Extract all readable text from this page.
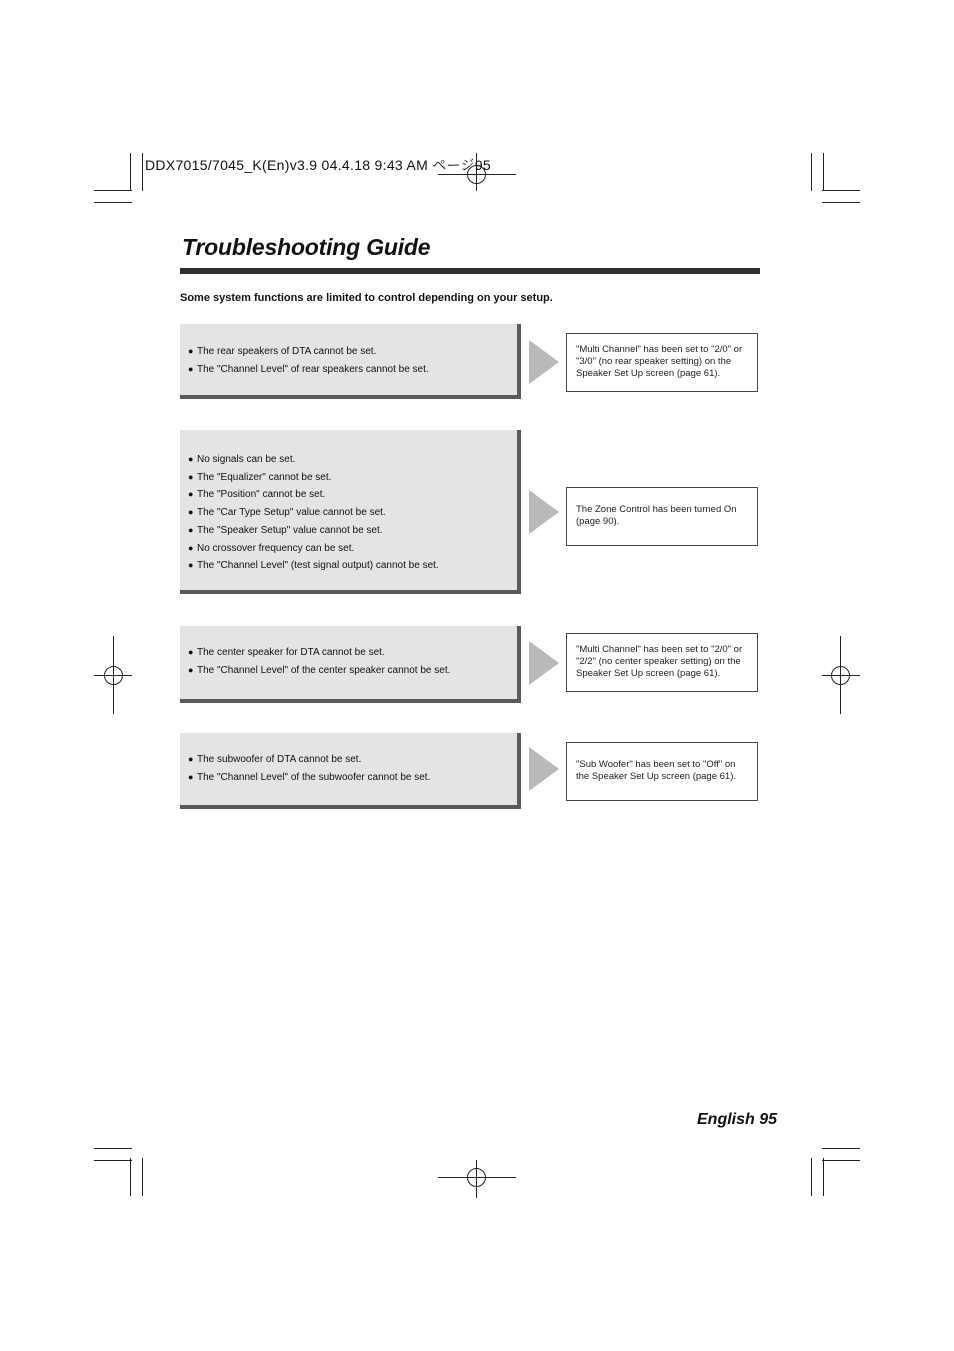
DDX7015/7045_K(En)v3.9 04.4.18 9:43 AM ページ95
Troubleshooting Guide
Some system functions are limited to control depending on your setup.
● The rear speakers of DTA cannot be set.
● The "Channel Level" of rear speakers cannot be set.

"Multi Channel" has been set to "2/0" or "3/0" (no rear speaker setting) on the Speaker Set Up screen (page 61).

● No signals can be set.
● The "Equalizer" cannot be set.
● The "Position" cannot be set.
● The "Car Type Setup" value cannot be set.
● The "Speaker Setup" value cannot be set.
● No crossover frequency can be set.
● The "Channel Level" (test signal output) cannot be set.

The Zone Control has been turned On (page 90).

● The center speaker for DTA cannot be set.
● The "Channel Level" of the center speaker cannot be set.

"Multi Channel" has been set to "2/0" or "2/2" (no center speaker setting) on the Speaker Set Up screen (page 61).

● The subwoofer of DTA cannot be set.
● The "Channel Level" of the subwoofer cannot be set.

"Sub Woofer" has been set to "Off" on the Speaker Set Up screen (page 61).

English 95
